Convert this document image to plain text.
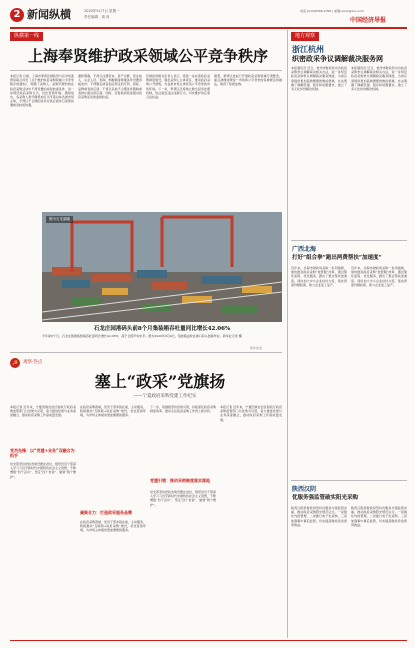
2 新闻纵横	2020年9月7日 星期一
责任编辑：周 冉
电话:(010)6566-2395 | 邮箱:xxxx@xxx.com
中国经济导报
纵横第一线
上海奉贤维护政采领域公平竞争秩序
本报记者 日前，上海市奉贤区财政局与区市场监管局联合印发《关于维护政府采购领域公平竞争秩序的通知》，明确了采购人、采购代理机构在政府采购活动中不得设置的差别歧视条件，进一步规范政府采购行为，优化营商环境。通知指出，各采购人和代理机构应当平等对待各类市场主体，不得以不合理的条件对供应商实行差别待遇或者歧视待遇。
通知明确，不得以注册资本、资产总额、营业收入、从业人员、利润、纳税额等规模条件设置资格条件；不得限定或者指定特定的专利、商标、品牌或者供应商；不得以其他不合理条件限制或者排斥潜在供应商。同时，区财政局将加强对政府采购活动的监督检查。
区财政局相关负责人表示，将进一步完善政府采购制度建设，强化采购人主体责任，推动政府采购公开透明，为各类市场主体营造公平竞争的市场环境。下一步，奉贤区还将建立健全投诉处理机制，依法查处违法违规行为，切实维护供应商合法权益。
据悉，奉贤区此前已开展政府采购领域专项整治，重点清理妨碍统一市场和公平竞争的各种规定和做法，取得了积极成效。
图为石龙湖港
石龙庄园港码头前8个月集装箱吞吐量同比增长42.06%
今年前8个月，石龙庄园港集装箱吞吐量同比增长42.06%，高于全国平均水平。图为2020年9月4日，集装箱货轮在港口码头装卸作业。新华社记者 摄
新华社发
☭	观察·热点
塞上“政采”党旗扬
——宁夏政府采购党建工作纪实
本报记者 近年来，宁夏回族自治区财政厅政府采购监管部门以党建为引领，着力推进党建与业务深度融合，推动政府采购工作高质量发展。
党员先锋：以“党建+业务”双融合为抓手
党支部坚持把政治建设摆在首位，组织党员干部深入学习习近平新时代中国特色社会主义思想，不断增强“四个意识”、坚定“四个自信”、做到“两个维护”。
在政府采购领域，党员干部冲锋在前，主动服务，积极推动“互联网+政府采购”建设，优化营商环境，为市场主体提供更加便捷的服务。
凝聚合力：打造政采服务品牌
在政府采购领域，党员干部冲锋在前，主动服务，积极推动“互联网+政府采购”建设，优化营商环境，为市场主体提供更加便捷的服务。
下一步，将继续坚持党建引领，持续深化政府采购制度改革，推动全区政府采购工作再上新台阶。
党建引领：推动采购制度落实落地
党支部坚持把政治建设摆在首位，组织党员干部深入学习习近平新时代中国特色社会主义思想，不断增强“四个意识”、坚定“四个自信”、做到“两个维护”。
本报记者 近年来，宁夏回族自治区财政厅政府采购监管部门以党建为引领，着力推进党建与业务深度融合，推动政府采购工作高质量发展。
地方观察
浙江杭州
织密政采争议调解裁决服务网
本报通讯员 近日，杭州市财政局出台政府采购争议调解裁决相关办法，进一步织密政府采购争议调解裁决服务网络，为供应商提供更加高效便捷的维权渠道。办法明确了调解范围、程序和时限要求，建立了多元化纠纷解决机制。
本报通讯员 近日，杭州市财政局出台政府采购争议调解裁决相关办法，进一步织密政府采购争议调解裁决服务网络，为供应商提供更加高效便捷的维权渠道。办法明确了调解范围、程序和时限要求，建立了多元化纠纷解决机制。
广西北海
打好“组合拳”跑出两费帮扶“加速度”
近年来，北海市财政局采取一系列措施，加快推进政府采购“放管服”改革，通过简化流程、优化服务，跑出了惠企帮扶加速度。同时加大中小企业扶持力度，落实预留份额政策，助力企业复工复产。
近年来，北海市财政局采取一系列措施，加快推进政府采购“放管服”改革，通过简化流程、优化服务，跑出了惠企帮扶加速度。同时加大中小企业扶持力度，落实预留份额政策，助力企业复工复产。
陕西汉阴
优服务强监管破实阳光采购
陕西汉阴县财政局坚持优服务与强监管并重，推动政府采购阳光规范运行。一是强化内控管理，二是推行电子化采购，三是加强事中事后监管，切实提高财政资金使用效益。
陕西汉阴县财政局坚持优服务与强监管并重，推动政府采购阳光规范运行。一是强化内控管理，二是推行电子化采购，三是加强事中事后监管，切实提高财政资金使用效益。
